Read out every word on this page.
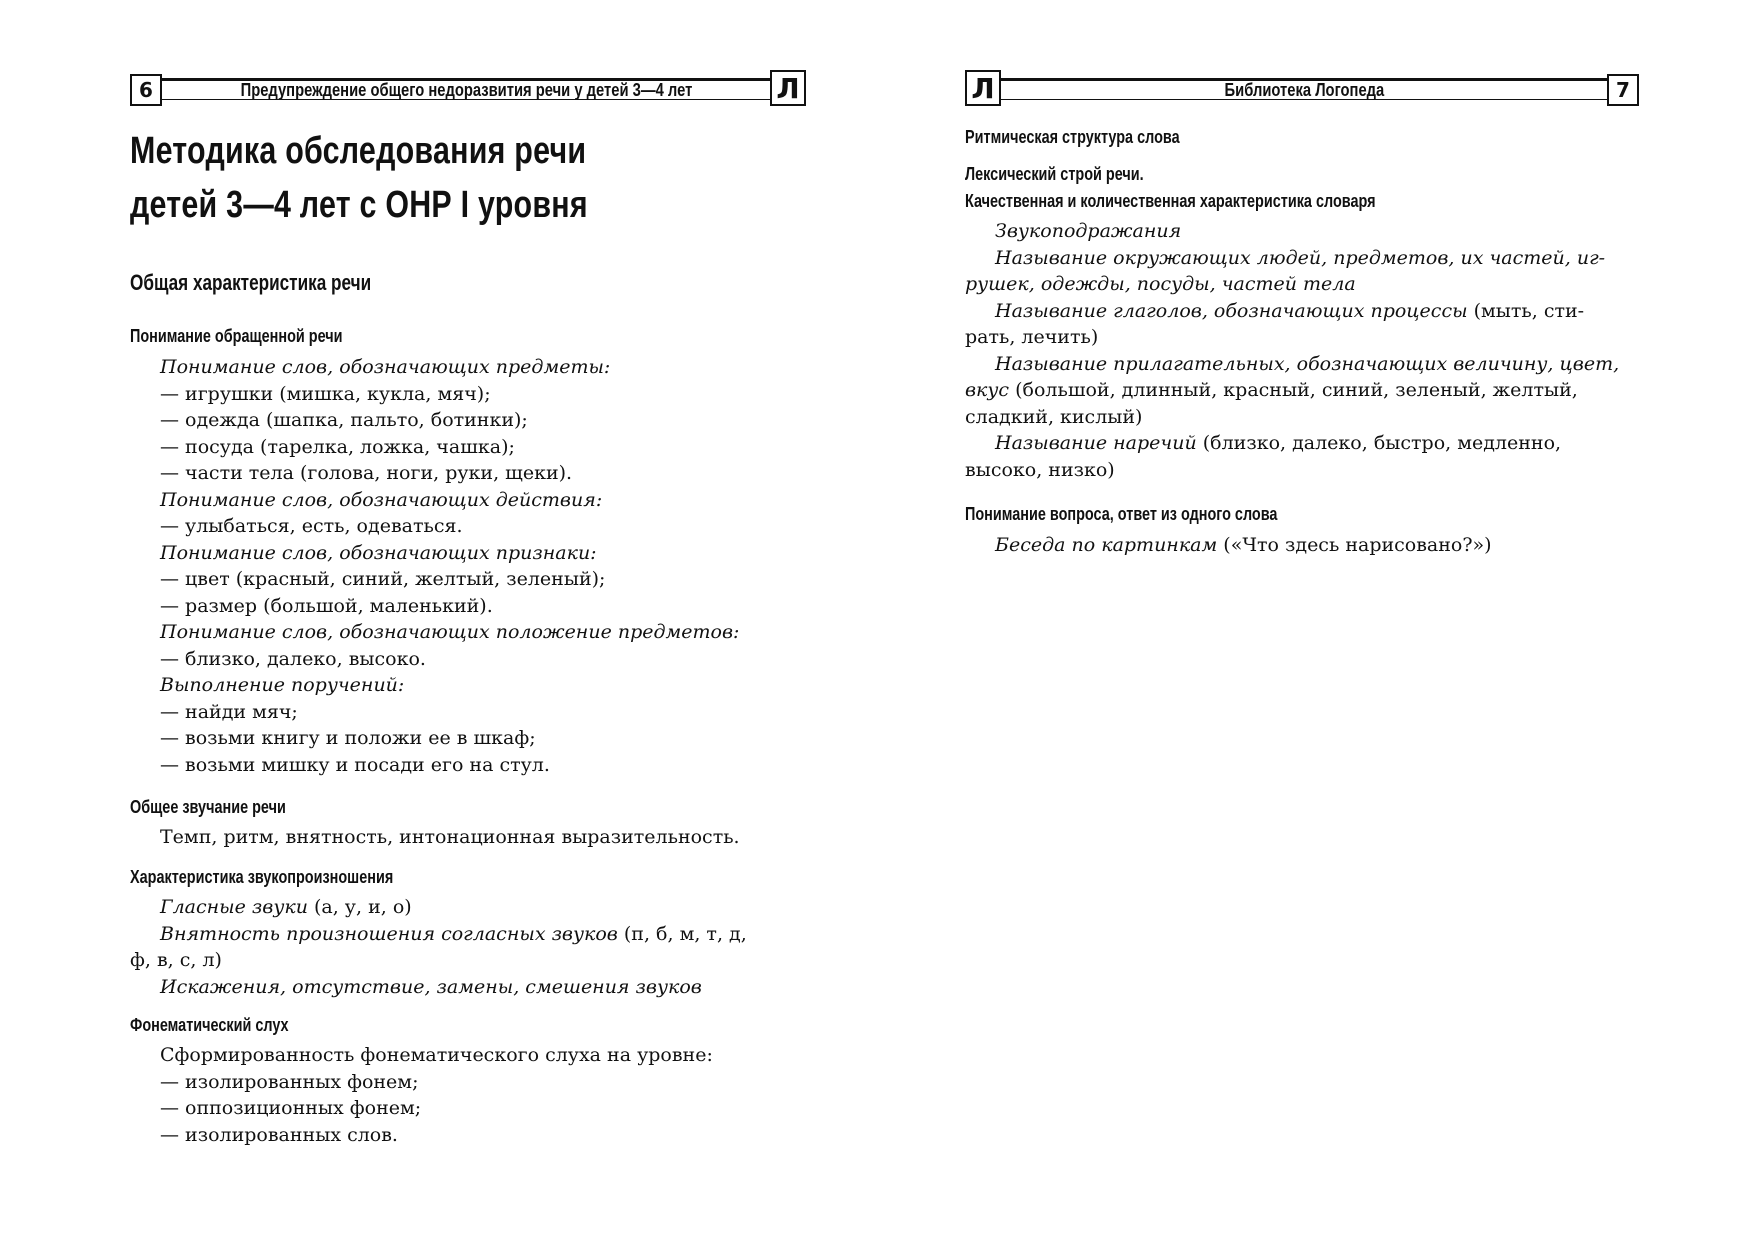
6	Предупреждение общего недоразвития речи у детей 3—4 лет	Л
Методика обследования речи
детей 3—4 лет с ОНР I уровня
Общая характеристика речи
Понимание обращенной речи
Понимание слов, обозначающих предметы:
— игрушки (мишка, кукла, мяч);
— одежда (шапка, пальто, ботинки);
— посуда (тарелка, ложка, чашка);
— части тела (голова, ноги, руки, щеки).
Понимание слов, обозначающих действия:
— улыбаться, есть, одеваться.
Понимание слов, обозначающих признаки:
— цвет (красный, синий, желтый, зеленый);
— размер (большой, маленький).
Понимание слов, обозначающих положение предметов:
— близко, далеко, высоко.
Выполнение поручений:
— найди мяч;
— возьми книгу и положи ее в шкаф;
— возьми мишку и посади его на стул.
Общее звучание речи
Темп, ритм, внятность, интонационная выразительность.
Характеристика звукопроизношения
Гласные звуки (а, у, и, о)
Внятность произношения согласных звуков (п, б, м, т, д,
ф, в, с, л)
Искажения, отсутствие, замены, смешения звуков
Фонематический слух
Сформированность фонематического слуха на уровне:
— изолированных фонем;
— оппозиционных фонем;
— изолированных слов.
Л	Библиотека Логопеда	7
Ритмическая структура слова
Лексический строй речи.
Качественная и количественная характеристика словаря
Звукоподражания
Называние окружающих людей, предметов, их частей, иг-
рушек, одежды, посуды, частей тела
Называние глаголов, обозначающих процессы (мыть, сти-
рать, лечить)
Называние прилагательных, обозначающих величину, цвет,
вкус (большой, длинный, красный, синий, зеленый, желтый,
сладкий, кислый)
Называние наречий (близко, далеко, быстро, медленно,
высоко, низко)
Понимание вопроса, ответ из одного слова
Беседа по картинкам («Что здесь нарисовано?»)
